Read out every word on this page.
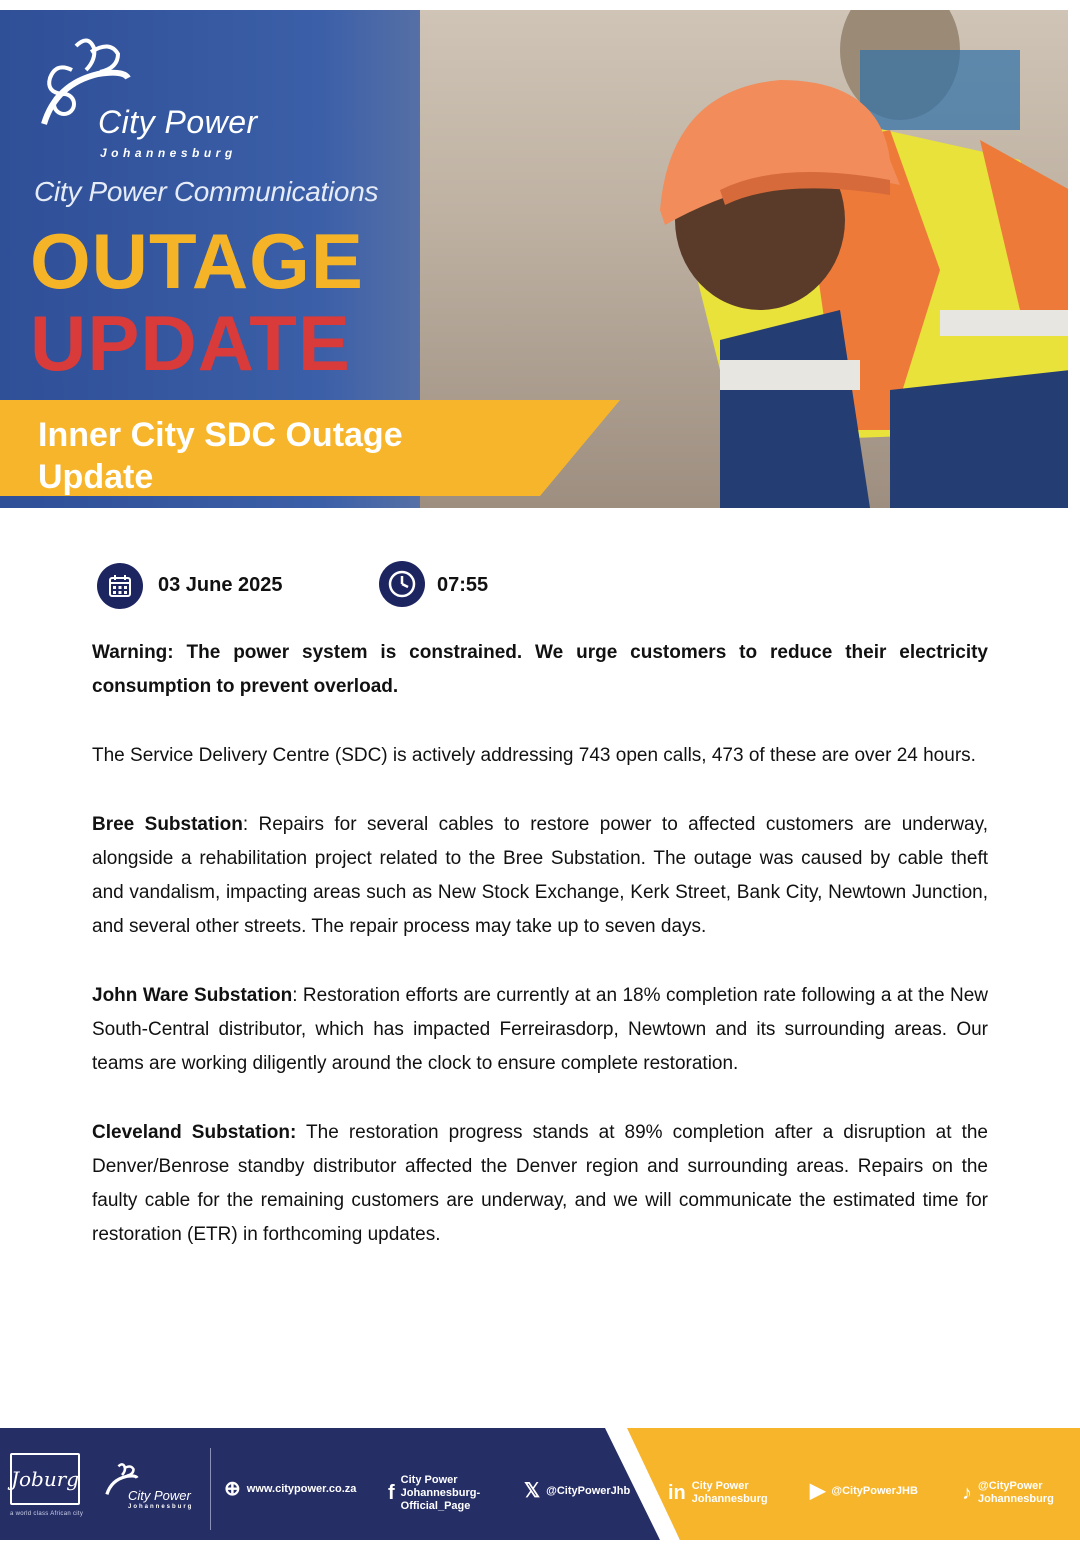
City Power
Johannesburg
City Power Communications
OUTAGE
UPDATE
Inner City SDC Outage Update
03 June 2025	07:55

Warning: The power system is constrained. We urge customers to reduce their electricity consumption to prevent overload.

The Service Delivery Centre (SDC) is actively addressing 743 open calls, 473 of these are over 24 hours.

Bree Substation: Repairs for several cables to restore power to affected customers are underway, alongside a rehabilitation project related to the Bree Substation. The outage was caused by cable theft and vandalism, impacting areas such as New Stock Exchange, Kerk Street, Bank City, Newtown Junction, and several other streets. The repair process may take up to seven days.

John Ware Substation: Restoration efforts are currently at an 18% completion rate following a at the New South-Central distributor, which has impacted Ferreirasdorp, Newtown and its surrounding areas. Our teams are working diligently around the clock to ensure complete restoration.

Cleveland Substation: The restoration progress stands at 89% completion after a disruption at the Denver/Benrose standby distributor affected the Denver region and surrounding areas. Repairs on the faulty cable for the remaining customers are underway, and we will communicate the estimated time for restoration (ETR) in forthcoming updates.

Joburg
a world class African city
City Power
Johannesburg
⊕ www.citypower.co.za f
City Power Johannesburg-Official_Page
𝕏 @CityPowerJhb in City Power Johannesburg	▶ @CityPowerJHB ♪ @CityPower Johannesburg
